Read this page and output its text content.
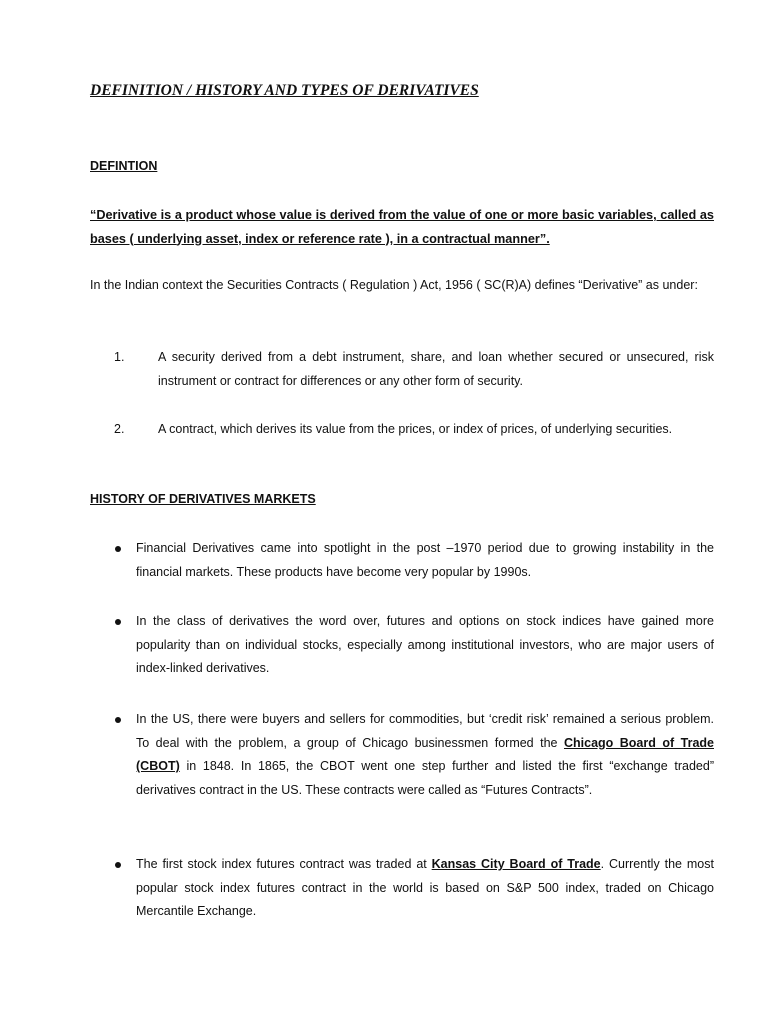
DEFINITION / HISTORY AND TYPES OF DERIVATIVES
DEFINTION

“Derivative is a product whose value is derived from the value of one or more basic variables, called as bases ( underlying asset, index or reference rate ), in a contractual manner”.

In the Indian context the Securities Contracts ( Regulation ) Act, 1956 ( SC(R)A) defines “Derivative” as under:

1.	A security derived from a debt instrument, share, and loan whether secured or unsecured, risk instrument or contract for differences or any other form of security.

2.	A contract, which derives its value from the prices, or index of prices, of underlying securities.

HISTORY OF DERIVATIVES MARKETS

Financial Derivatives came into spotlight in the post –1970 period due to growing instability in the financial markets. These products have become very popular by 1990s.

In the class of derivatives the word over, futures and options on stock indices have gained more popularity than on individual stocks, especially among institutional investors, who are major users of index-linked derivatives.

In the US, there were buyers and sellers for commodities, but ‘credit risk’ remained a serious problem. To deal with the problem, a group of Chicago businessmen formed the Chicago Board of Trade (CBOT) in 1848. In 1865, the CBOT went one step further and listed the first “exchange traded” derivatives contract in the US. These contracts were called as “Futures Contracts”.

The first stock index futures contract was traded at Kansas City Board of Trade. Currently the most popular stock index futures contract in the world is based on S&P 500 index, traded on Chicago Mercantile Exchange.
